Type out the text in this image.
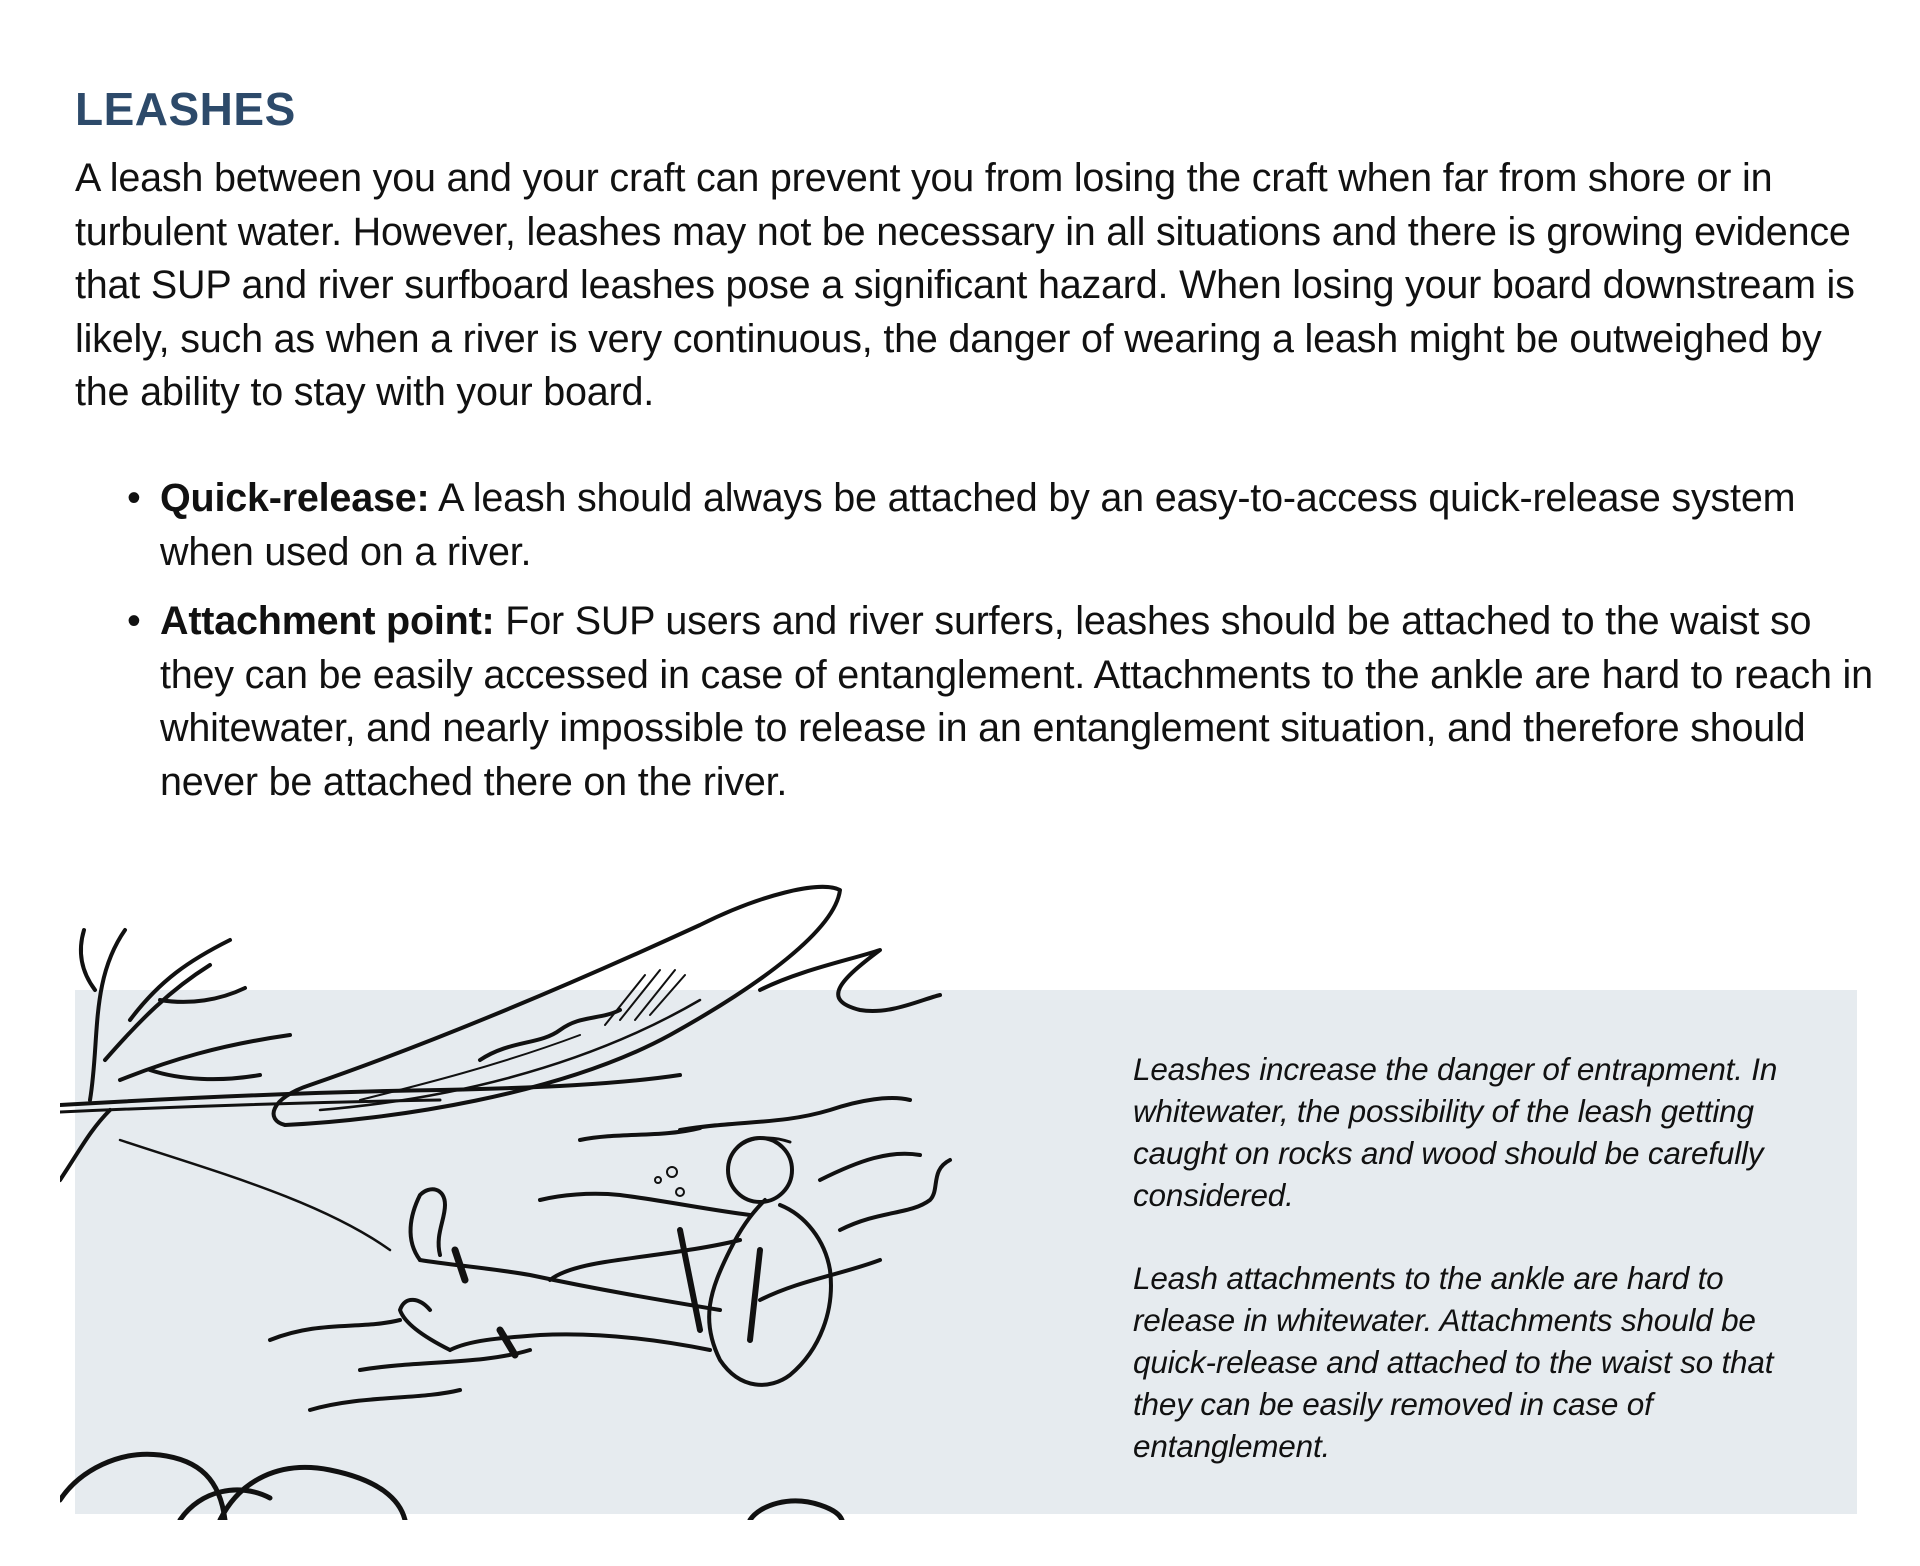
LEASHES

A leash between you and your craft can prevent you from losing the craft when far from shore or in turbulent water. However, leashes may not be necessary in all situations and there is growing evidence that SUP and river surfboard leashes pose a significant hazard. When losing your board downstream is likely, such as when a river is very continuous, the danger of wearing a leash might be outweighed by the ability to stay with your board.

• Quick-release: A leash should always be attached by an easy-to-access quick-release system when used on a river.
• Attachment point: For SUP users and river surfers, leashes should be attached to the waist so they can be easily accessed in case of entanglement. Attachments to the ankle are hard to reach in whitewater, and nearly impossible to release in an entanglement situation, and therefore should never be attached there on the river.

Leashes increase the danger of entrapment. In whitewater, the possibility of the leash getting caught on rocks and wood should be carefully considered.

Leash attachments to the ankle are hard to release in whitewater. Attachments should be quick-release and attached to the waist so that they can be easily removed in case of entanglement.
